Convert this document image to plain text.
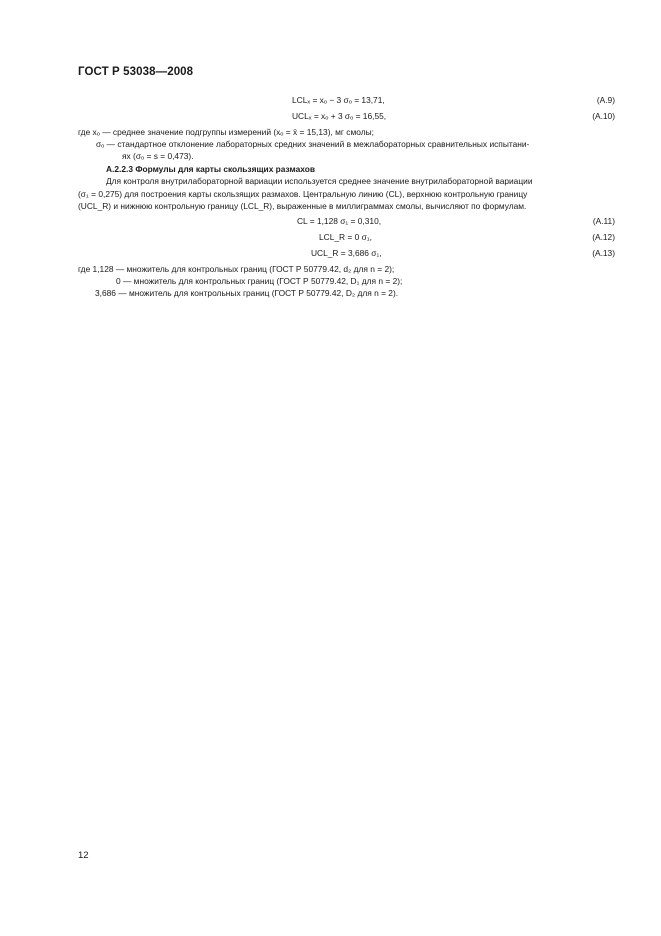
ГОСТ Р 53038—2008
LCLₓ = xₒ − 3 σₒ = 13,71,	(А.9)
UCLₓ = xₒ + 3 σₒ = 16,55,	(А.10)
где xₒ — среднее значение подгруппы измерений (xₒ = x̄ = 15,13), мг смолы;
σₒ — стандартное отклонение лабораторных средних значений в межлабораторных сравнительных испытани-
ях (σₒ = s = 0,473).
А.2.2.3 Формулы для карты скользящих размахов
Для контроля внутрилабораторной вариации используется среднее значение внутрилабораторной вариации
(σ₁ = 0,275) для построения карты скользящих размахов. Центральную линию (CL), верхнюю контрольную границу
(UCL_R) и нижнюю контрольную границу (LCL_R), выраженные в миллиграммах смолы, вычисляют по формулам.
CL = 1,128 σ₁ = 0,310,	(А.11)
LCL_R = 0 σ₁,	(А.12)
UCL_R = 3,686 σ₁,	(А.13)
где 1,128 — множитель для контрольных границ (ГОСТ Р 50779.42, d₂ для n = 2);
0 — множитель для контрольных границ (ГОСТ Р 50779.42, D₁ для n = 2);
3,686 — множитель для контрольных границ (ГОСТ Р 50779.42, D₂ для n = 2).
12
